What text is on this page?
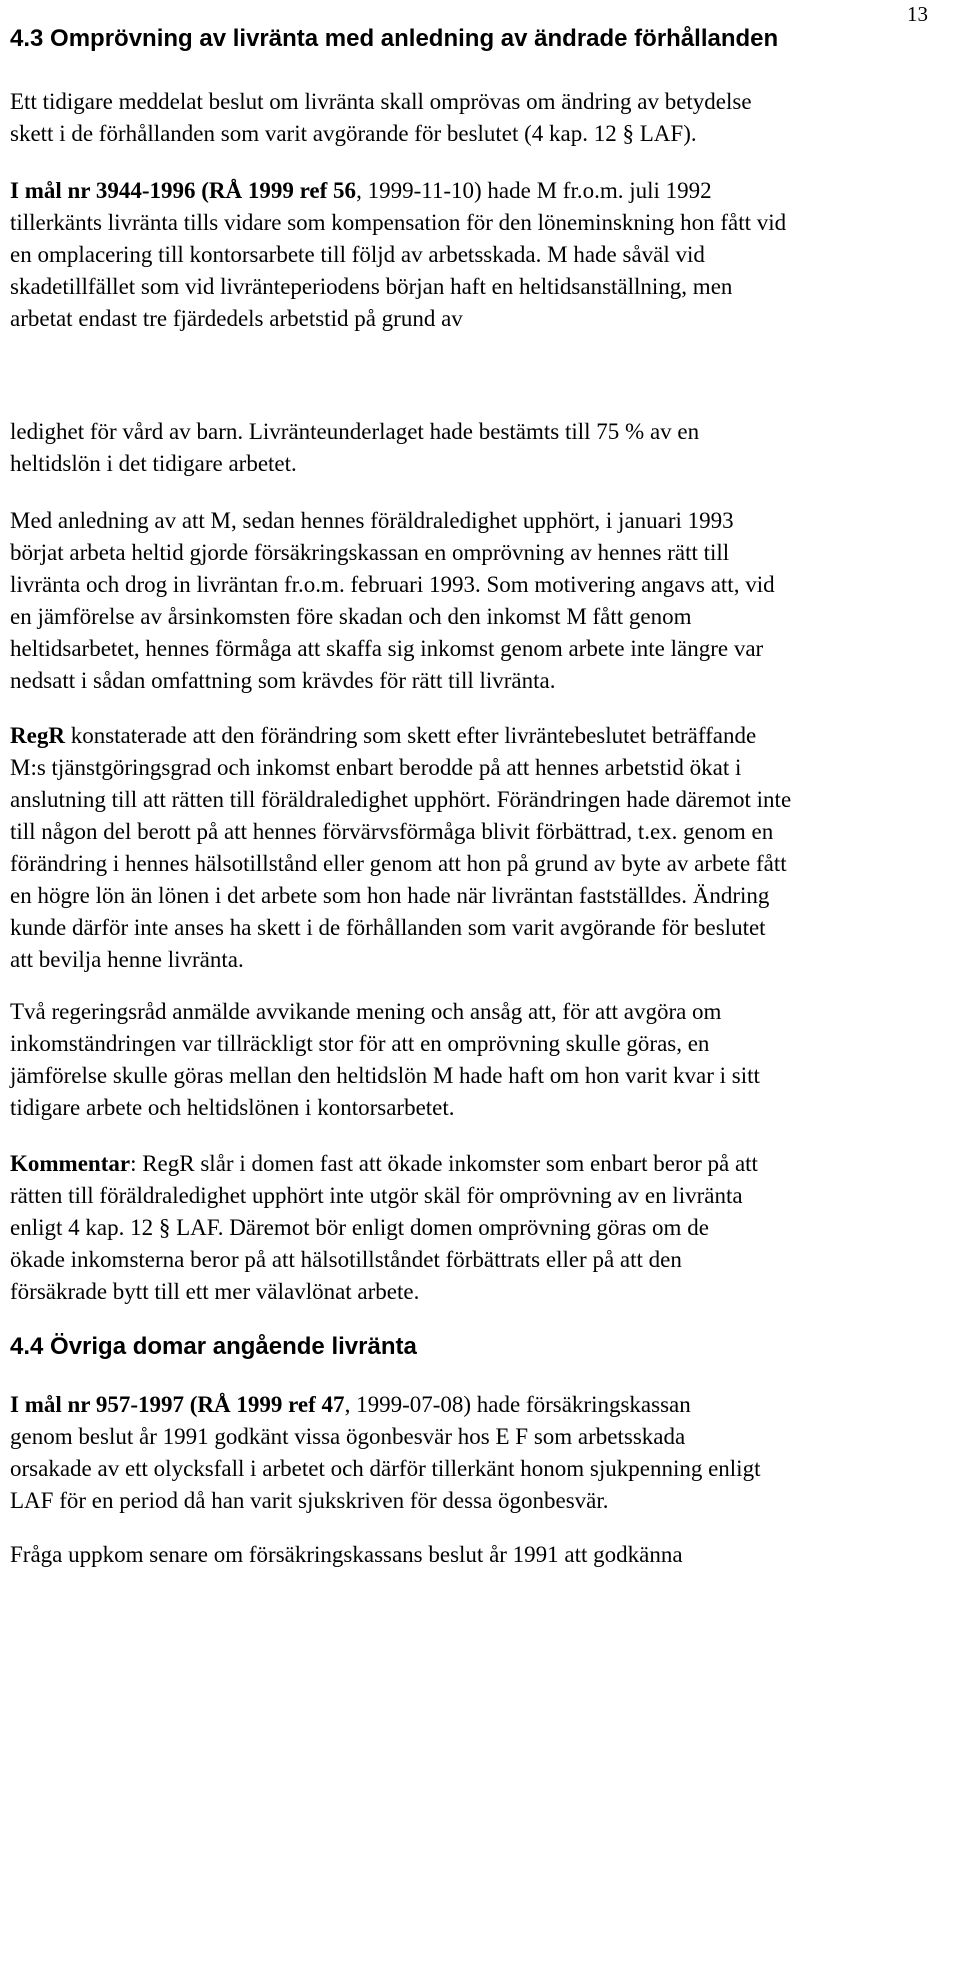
13
4.3 Omprövning av livränta med anledning av ändrade förhållanden

Ett tidigare meddelat beslut om livränta skall omprövas om ändring av betydelse
skett i de förhållanden som varit avgörande för beslutet (4 kap. 12 § LAF).

I mål nr 3944-1996 (RÅ 1999 ref 56, 1999-11-10) hade M fr.o.m. juli 1992
tillerkänts livränta tills vidare som kompensation för den löneminskning hon fått vid
en omplacering till kontorsarbete till följd av arbetsskada. M hade såväl vid
skadetillfället som vid livränteperiodens början haft en heltidsanställning, men
arbetat endast tre fjärdedels arbetstid på grund av

ledighet för vård av barn. Livränteunderlaget hade bestämts till 75 % av en
heltidslön i det tidigare arbetet.

Med anledning av att M, sedan hennes föräldraledighet upphört, i januari 1993
börjat arbeta heltid gjorde försäkringskassan en omprövning av hennes rätt till
livränta och drog in livräntan fr.o.m. februari 1993. Som motivering angavs att, vid
en jämförelse av årsinkomsten före skadan och den inkomst M fått genom
heltidsarbetet, hennes förmåga att skaffa sig inkomst genom arbete inte längre var
nedsatt i sådan omfattning som krävdes för rätt till livränta.

RegR konstaterade att den förändring som skett efter livräntebeslutet beträffande
M:s tjänstgöringsgrad och inkomst enbart berodde på att hennes arbetstid ökat i
anslutning till att rätten till föräldraledighet upphört. Förändringen hade däremot inte
till någon del berott på att hennes förvärvsförmåga blivit förbättrad, t.ex. genom en
förändring i hennes hälsotillstånd eller genom att hon på grund av byte av arbete fått
en högre lön än lönen i det arbete som hon hade när livräntan fastställdes. Ändring
kunde därför inte anses ha skett i de förhållanden som varit avgörande för beslutet
att bevilja henne livränta.

Två regeringsråd anmälde avvikande mening och ansåg att, för att avgöra om
inkomständringen var tillräckligt stor för att en omprövning skulle göras, en
jämförelse skulle göras mellan den heltidslön M hade haft om hon varit kvar i sitt
tidigare arbete och heltidslönen i kontorsarbetet.

Kommentar: RegR slår i domen fast att ökade inkomster som enbart beror på att
rätten till föräldraledighet upphört inte utgör skäl för omprövning av en livränta
enligt 4 kap. 12 § LAF. Däremot bör enligt domen omprövning göras om de
ökade inkomsterna beror på att hälsotillståndet förbättrats eller på att den
försäkrade bytt till ett mer välavlönat arbete.

4.4 Övriga domar angående livränta

I mål nr 957-1997 (RÅ 1999 ref 47, 1999-07-08) hade försäkringskassan
genom beslut år 1991 godkänt vissa ögonbesvär hos E F som arbetsskada
orsakade av ett olycksfall i arbetet och därför tillerkänt honom sjukpenning enligt
LAF för en period då han varit sjukskriven för dessa ögonbesvär.

Fråga uppkom senare om försäkringskassans beslut år 1991 att godkänna
